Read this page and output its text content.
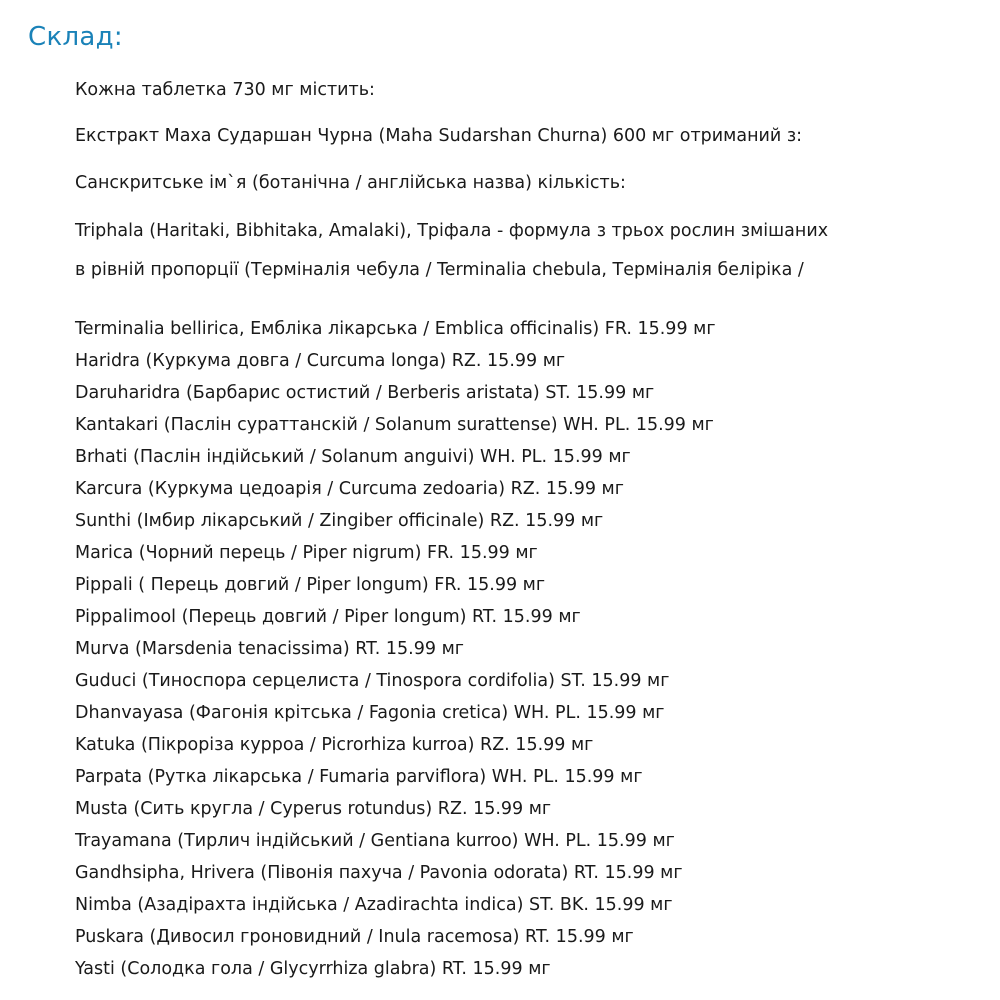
Склад:

Кожна таблетка 730 мг містить:

Екстракт Маха Сударшан Чурна (Maha Sudarshan Churna) 600 мг отриманий з:

Санскритське ім`я (ботанічна / англійська назва) кількість:

Triphala (Haritaki, Bibhitaka, Amalaki), Тріфала - формула з трьох рослин змішаних

в рівній пропорції (Термінaлія чебула / Terminalia chebula, Термінaлія белірiка /

Terminalia bellirica, Ембліка лікарська / Emblica officinalis) FR. 15.99 мг

Haridra (Куркума довга / Curcuma longa) RZ. 15.99 мг

Daruharidra (Барбарис остистий / Berberis aristata) ST. 15.99 мг

Kantakari (Паслін суpаттанскій / Solanum surattense) WH. PL. 15.99 мг

Brhati (Паслін індійський / Solanum anguivi) WH. PL. 15.99 мг

Karcura (Куркума цедоарія / Curcuma zedoaria) RZ. 15.99 мг

Sunthi (Імбир лікарський / Zingiber officinale) RZ. 15.99 мг

Marica (Чорний перець / Piper nigrum) FR. 15.99 мг

Pippali ( Перець довгий / Piper longum) FR. 15.99 мг

Pippalimool (Перець довгий / Piper longum) RT. 15.99 мг

Murva (Marsdenia tenacissima) RT. 15.99 мг

Guduci (Тиноспора серцелиста / Tinospora cordifolia) ST. 15.99 мг

Dhanvayasa (Фагонія крітська / Fagonia cretica) WH. PL. 15.99 мг

Katuka (Пікрoріза курроа / Picrorhiza kurroa) RZ. 15.99 мг

Parpata (Рутка лікарська / Fumaria parviflora) WH. PL. 15.99 мг

Musta (Сить кругла / Cyperus rotundus) RZ. 15.99 мг

Trayamana (Тирлич індійський / Gentiana kurroo) WH. PL. 15.99 мг

Gandhsipha, Hrivera (Півонія пахуча / Pavonia odorata) RT. 15.99 мг

Nimba (Азадірахта індійська / Azadirachta indica) ST. BK. 15.99 мг

Puskara (Дивосил гроновидний / Inula racemosa) RT. 15.99 мг

Yasti (Солодка гола / Glycyrrhiza glabra) RT. 15.99 мг
